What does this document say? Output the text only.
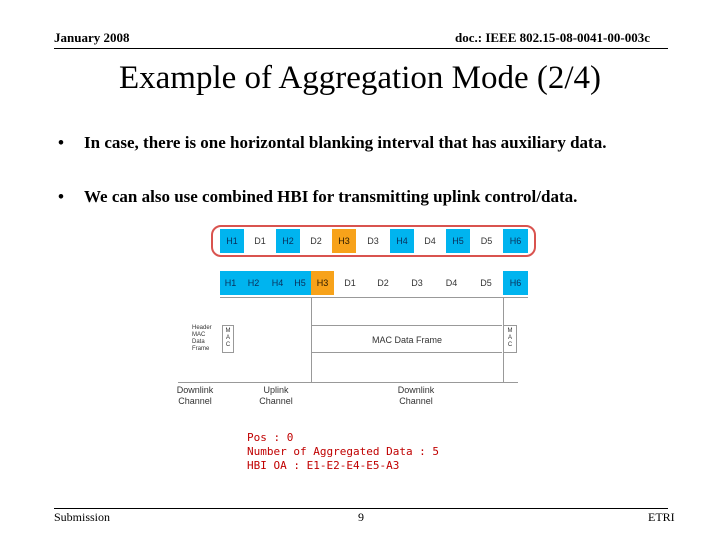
January 2008	doc.: IEEE 802.15-08-0041-00-003c
Example of Aggregation Mode (2/4)
• In case, there is one horizontal blanking interval that has auxiliary data.
• We can also use combined HBI for transmitting uplink control/data.
H1	D1	H2	D2	H3	D3	H4	D4	H5	D5	H6
H1	H2	H4	H5	H3	D1	D2	D3	D4	D5	H6
Header
MAC
Data
Frame
M
A
C	MAC Data Frame
M
A
C
Downlink
Channel
Uplink
Channel
Downlink
Channel
Pos : 0
Number of Aggregated Data : 5
HBI OA : E1-E2-E4-E5-A3
Submission	9	ETRI
